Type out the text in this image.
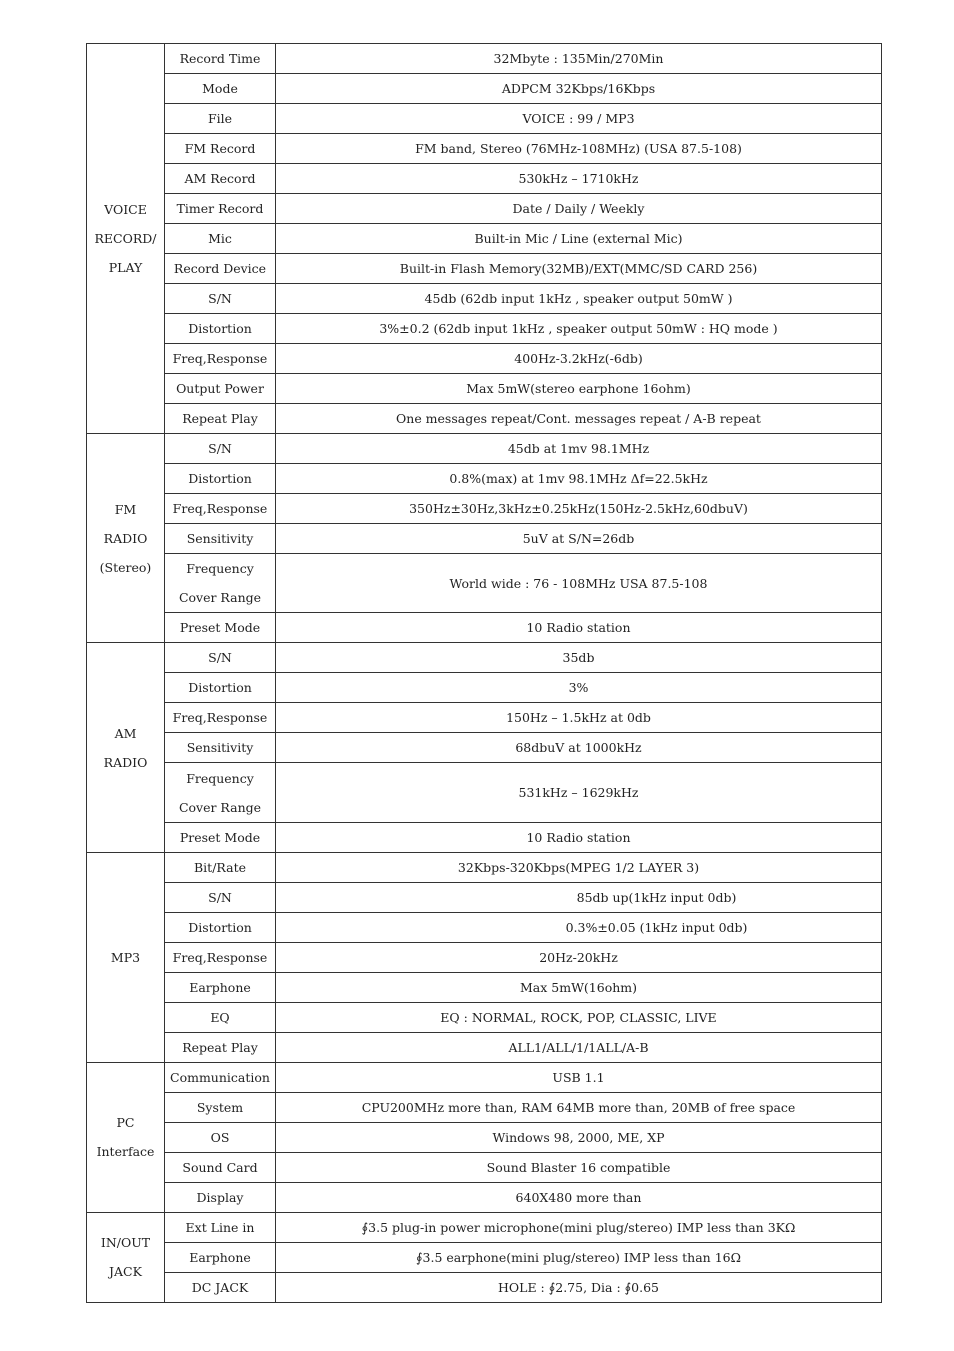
VOICE
RECORD/
PLAY	Record Time	32Mbyte : 135Min/270Min

	Mode	ADPCM 32Kbps/16Kbps

	File	VOICE : 99 / MP3

	FM Record	FM band, Stereo (76MHz-108MHz) (USA 87.5-108)

	AM Record	530kHz – 1710kHz

	Timer Record	Date / Daily / Weekly

	Mic	Built-in Mic / Line (external Mic)

	Record Device	Built-in Flash Memory(32MB)/EXT(MMC/SD CARD 256)

	S/N	45db (62db input 1kHz , speaker output 50mW )

	Distortion	3%±0.2 (62db input 1kHz , speaker output 50mW : HQ mode )

	Freq,Response	400Hz-3.2kHz(-6db)

	Output Power	Max 5mW(stereo earphone 16ohm)

	Repeat Play	One messages repeat/Cont. messages repeat / A-B repeat

FM
RADIO
(Stereo)	S/N	45db at 1mv 98.1MHz

	Distortion	0.8%(max) at 1mv 98.1MHz Δf=22.5kHz

	Freq,Response	350Hz±30Hz,3kHz±0.25kHz(150Hz-2.5kHz,60dbuV)

	Sensitivity	5uV at S/N=26db

	Frequency
Cover Range	World wide : 76 - 108MHz USA 87.5-108

	Preset Mode	10 Radio station

AM
RADIO	S/N	35db

	Distortion	3%

	Freq,Response	150Hz – 1.5kHz at 0db

	Sensitivity	68dbuV at 1000kHz

	Frequency
Cover Range	531kHz – 1629kHz

	Preset Mode	10 Radio station

MP3	Bit/Rate	32Kbps-320Kbps(MPEG 1/2 LAYER 3)

	S/N	85db up(1kHz input 0db)

	Distortion	0.3%±0.05 (1kHz input 0db)

	Freq,Response	20Hz-20kHz

	Earphone	Max 5mW(16ohm)

	EQ	EQ : NORMAL, ROCK, POP, CLASSIC, LIVE

	Repeat Play	ALL1/ALL/1/1ALL/A-B

PC
Interface	Communication	USB 1.1

	System	CPU200MHz more than, RAM 64MB more than, 20MB of free space

	OS	Windows 98, 2000, ME, XP

	Sound Card	Sound Blaster 16 compatible

	Display	640X480 more than

IN/OUT
JACK	Ext Line in	∮3.5 plug-in power microphone(mini plug/stereo) IMP less than 3KΩ

	Earphone	∮3.5 earphone(mini plug/stereo) IMP less than 16Ω

	DC JACK	HOLE : ∮2.75, Dia : ∮0.65
